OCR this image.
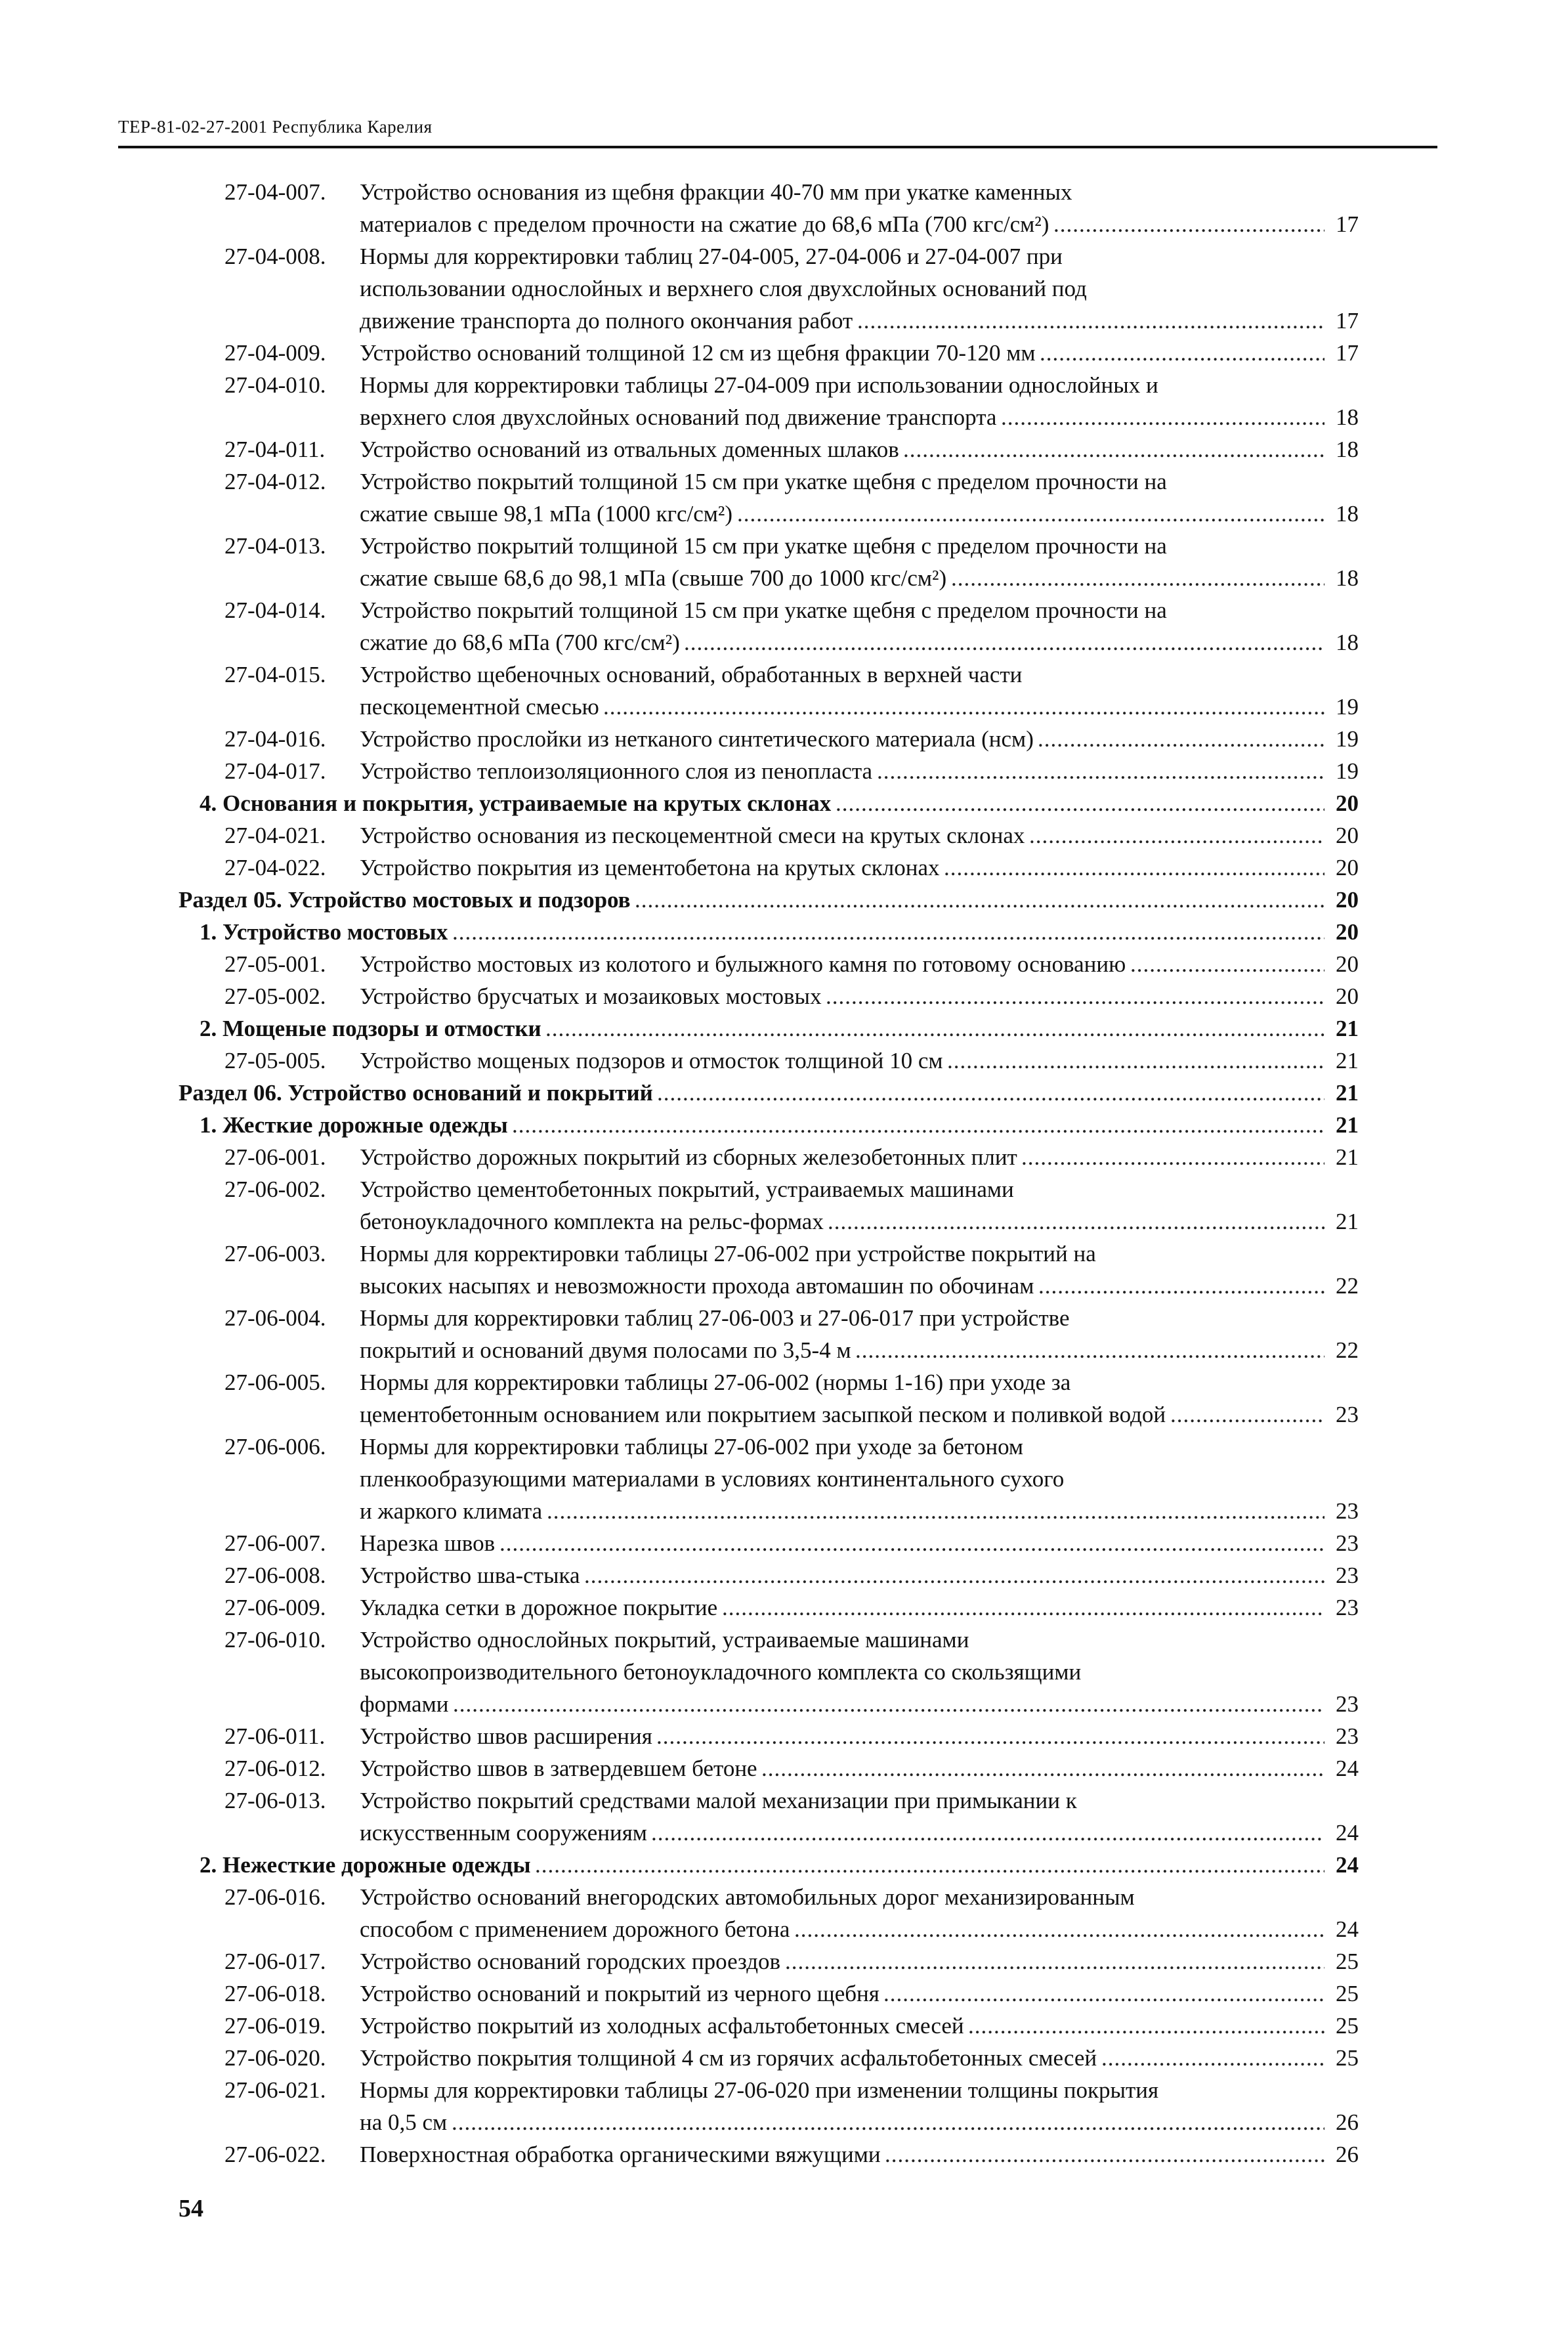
ТЕР-81-02-27-2001 Республика Карелия
27-04-007. Устройство основания из щебня фракции 40-70 мм при укатке каменных
материалов с пределом прочности на сжатие до 68,6 мПа (700 кгс/см²) .....	17
27-04-008. Нормы для корректировки таблиц 27-04-005, 27-04-006 и 27-04-007 при
использовании однослойных и верхнего слоя двухслойных оснований под
движение транспорта до полного окончания работ .....	17
27-04-009. Устройство оснований толщиной 12 см из щебня фракции 70-120 мм .....	17
27-04-010. Нормы для корректировки таблицы 27-04-009 при использовании однослойных и
верхнего слоя двухслойных оснований под движение транспорта .....	18
27-04-011. Устройство оснований из отвальных доменных шлаков .....	18
27-04-012. Устройство покрытий толщиной 15 см при укатке щебня с пределом прочности на
сжатие свыше 98,1 мПа (1000 кгс/см²) .....	18
27-04-013. Устройство покрытий толщиной 15 см при укатке щебня с пределом прочности на
сжатие свыше 68,6 до 98,1 мПа (свыше 700 до 1000 кгс/см²) .....	18
27-04-014. Устройство покрытий толщиной 15 см при укатке щебня с пределом прочности на
сжатие до 68,6 мПа (700 кгс/см²) .....	18
27-04-015. Устройство щебеночных оснований, обработанных в верхней части
пескоцементной смесью .....	19
27-04-016. Устройство прослойки из нетканого синтетического материала (нсм) .....	19
27-04-017. Устройство теплоизоляционного слоя из пенопласта .....	19
4. Основания и покрытия, устраиваемые на крутых склонах .....	20
27-04-021. Устройство основания из пескоцементной смеси на крутых склонах .....	20
27-04-022. Устройство покрытия из цементобетона на крутых склонах .....	20
Раздел 05. Устройство мостовых и подзоров .....	20
1. Устройство мостовых .....	20
27-05-001. Устройство мостовых из колотого и булыжного камня по готовому основанию .....	20
27-05-002. Устройство брусчатых и мозаиковых мостовых .....	20
2. Мощеные подзоры и отмостки .....	21
27-05-005. Устройство мощеных подзоров и отмосток толщиной 10 см .....	21
Раздел 06. Устройство оснований и покрытий .....	21
1. Жесткие дорожные одежды .....	21
27-06-001. Устройство дорожных покрытий из сборных железобетонных плит .....	21
27-06-002. Устройство цементобетонных покрытий, устраиваемых машинами
бетоноукладочного комплекта на рельс-формах .....	21
27-06-003. Нормы для корректировки таблицы 27-06-002 при устройстве покрытий на
высоких насыпях и невозможности прохода автомашин по обочинам .....	22
27-06-004. Нормы для корректировки таблиц 27-06-003 и 27-06-017 при устройстве
покрытий и оснований двумя полосами по 3,5-4 м .....	22
27-06-005. Нормы для корректировки таблицы 27-06-002 (нормы 1-16) при уходе за
цементобетонным основанием или покрытием засыпкой песком и поливкой водой .....	23
27-06-006. Нормы для корректировки таблицы 27-06-002 при уходе за бетоном
пленкообразующими материалами в условиях континентального сухого
и жаркого климата .....	23
27-06-007. Нарезка швов .....	23
27-06-008. Устройство шва-стыка .....	23
27-06-009. Укладка сетки в дорожное покрытие .....	23
27-06-010. Устройство однослойных покрытий, устраиваемые машинами
высокопроизводительного бетоноукладочного комплекта со скользящими
формами .....	23
27-06-011. Устройство швов расширения .....	23
27-06-012. Устройство швов в затвердевшем бетоне .....	24
27-06-013. Устройство покрытий средствами малой механизации при примыкании к
искусственным сооружениям .....	24
2. Нежесткие дорожные одежды .....	24
27-06-016. Устройство оснований внегородских автомобильных дорог механизированным
способом с применением дорожного бетона .....	24
27-06-017. Устройство оснований городских проездов .....	25
27-06-018. Устройство оснований и покрытий из черного щебня .....	25
27-06-019. Устройство покрытий из холодных асфальтобетонных смесей .....	25
27-06-020. Устройство покрытия толщиной 4 см из горячих асфальтобетонных смесей .....	25
27-06-021. Нормы для корректировки таблицы 27-06-020 при изменении толщины покрытия
на 0,5 см .....	26
27-06-022. Поверхностная обработка органическими вяжущими .....	26
54
